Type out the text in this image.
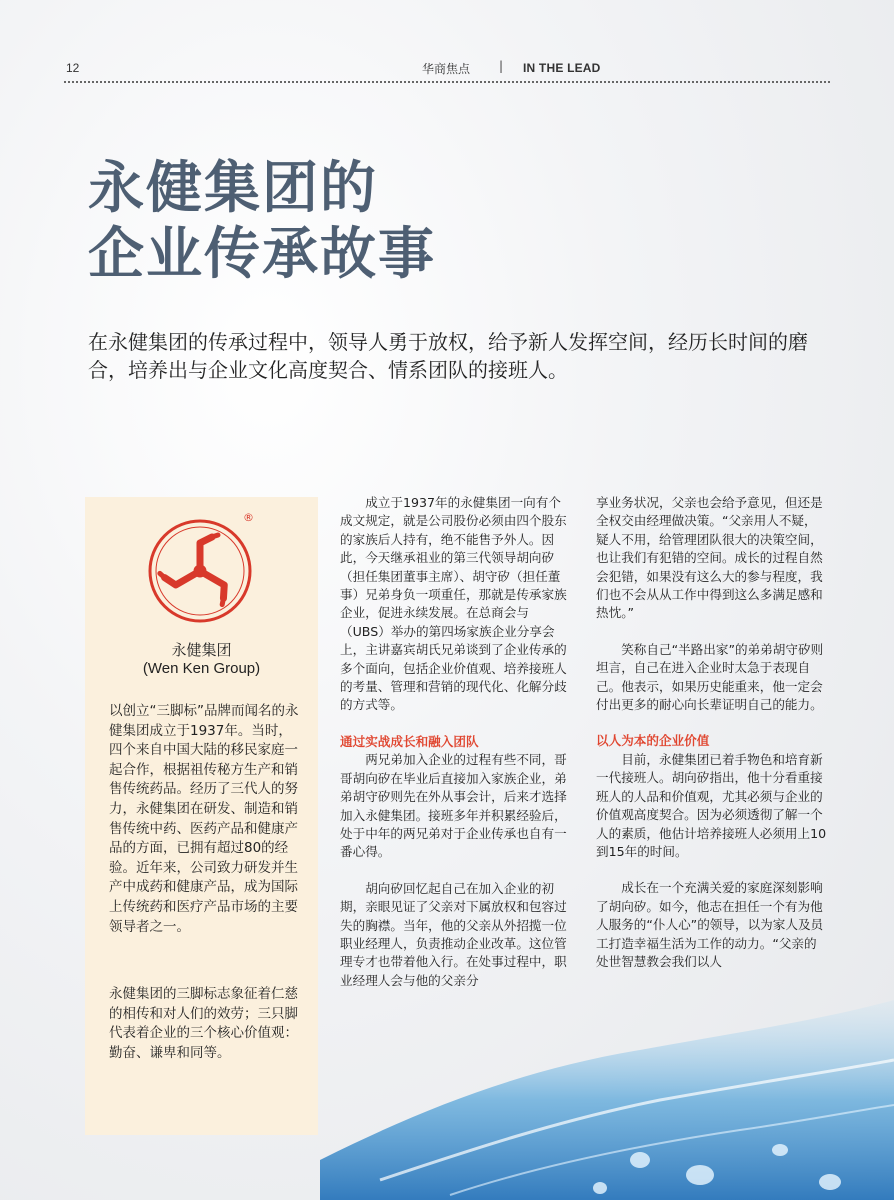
12	华商焦点 | IN THE LEAD
永健集团的
企业传承故事

在永健集团的传承过程中，领导人勇于放权，给予新人发挥空间，经历长时间的磨合，培养出与企业文化高度契合、情系团队的接班人。

®
永健集团
(Wen Ken Group)

以创立“三脚标”品牌而闻名的永健集团成立于1937年。当时，四个来自中国大陆的移民家庭一起合作，根据祖传秘方生产和销售传统药品。经历了三代人的努力，永健集团在研发、制造和销售传统中药、医药产品和健康产品的方面，已拥有超过80的经验。近年来，公司致力研发并生产中成药和健康产品，成为国际上传统药和医疗产品市场的主要领导者之一。

永健集团的三脚标志象征着仁慈的相传和对人们的效劳；三只脚代表着企业的三个核心价值观：勤奋、谦卑和同等。

成立于1937年的永健集团一向有个成文规定，就是公司股份必须由四个股东的家族后人持有，绝不能售予外人。因此，今天继承祖业的第三代领导胡向矽（担任集团董事主席）、胡守矽（担任董事）兄弟身负一项重任，那就是传承家族企业，促进永续发展。在总商会与（UBS）举办的第四场家族企业分享会上，主讲嘉宾胡氏兄弟谈到了企业传承的多个面向，包括企业价值观、培养接班人的考量、管理和营销的现代化、化解分歧的方式等。

通过实战成长和融入团队

两兄弟加入企业的过程有些不同，哥哥胡向矽在毕业后直接加入家族企业，弟弟胡守矽则先在外从事会计，后来才选择加入永健集团。接班多年并积累经验后，处于中年的两兄弟对于企业传承也自有一番心得。

胡向矽回忆起自己在加入企业的初期，亲眼见证了父亲对下属放权和包容过失的胸襟。当年，他的父亲从外招揽一位职业经理人，负责推动企业改革。这位管理专才也带着他入行。在处事过程中，职业经理人会与他的父亲分

享业务状况，父亲也会给予意见，但还是全权交由经理做决策。“父亲用人不疑，疑人不用，给管理团队很大的决策空间，也让我们有犯错的空间。成长的过程自然会犯错，如果没有这么大的参与程度，我们也不会从从工作中得到这么多满足感和热忱。”

笑称自己“半路出家”的弟弟胡守矽则坦言，自己在进入企业时太急于表现自己。他表示，如果历史能重来，他一定会付出更多的耐心向长辈证明自己的能力。

以人为本的企业价值

目前，永健集团已着手物色和培育新一代接班人。胡向矽指出，他十分看重接班人的人品和价值观，尤其必须与企业的价值观高度契合。因为必须透彻了解一个人的素质，他估计培养接班人必须用上10到15年的时间。

成长在一个充满关爱的家庭深刻影响了胡向矽。如今，他志在担任一个有为他人服务的“仆人心”的领导，以为家人及员工打造幸福生活为工作的动力。“父亲的处世智慧教会我们以人
